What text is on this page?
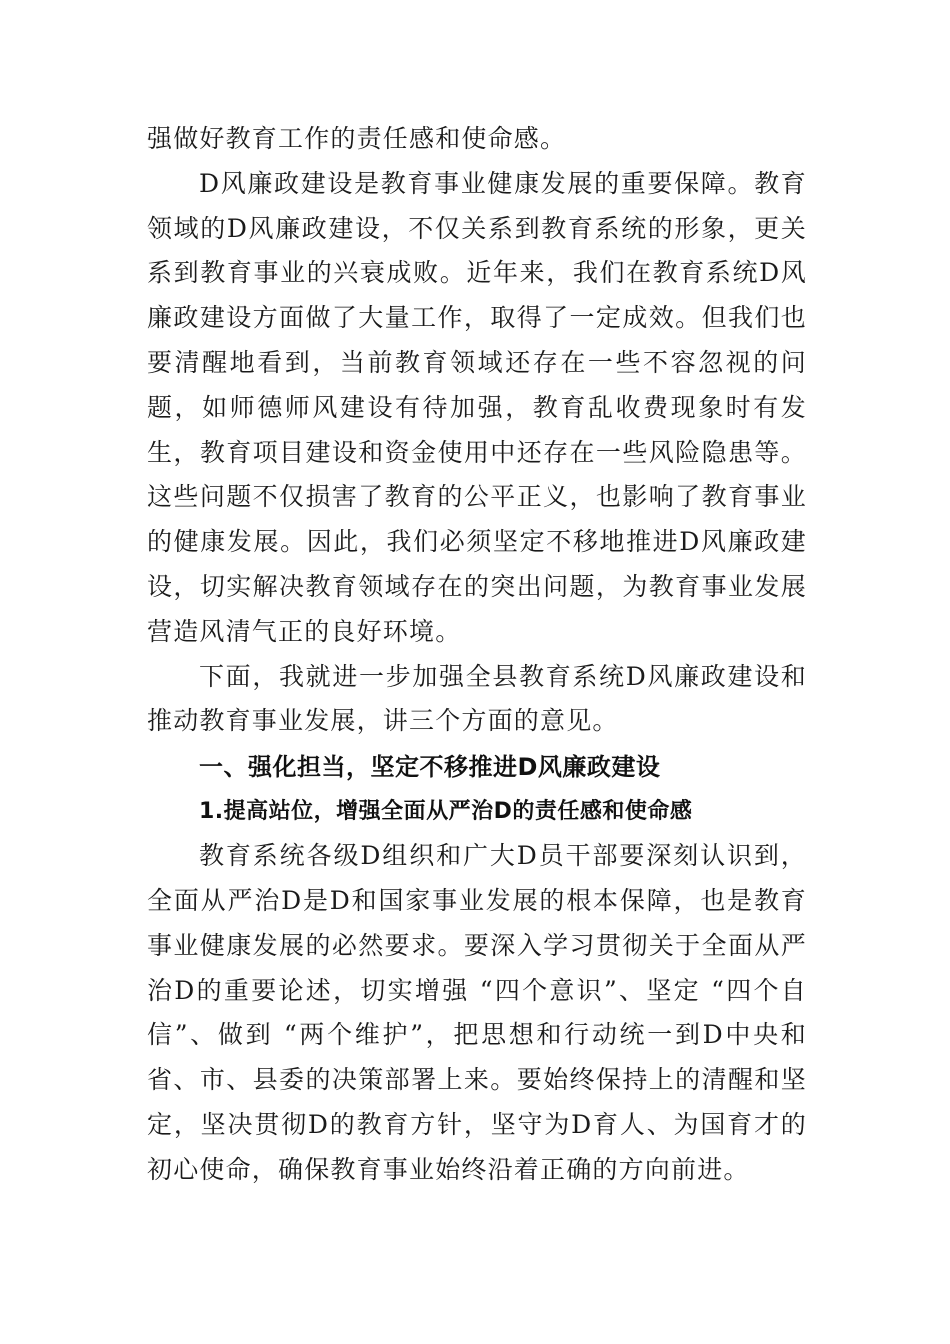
强做好教育工作的责任感和使命感。

D风廉政建设是教育事业健康发展的重要保障。教育领域的D风廉政建设，不仅关系到教育系统的形象，更关系到教育事业的兴衰成败。近年来，我们在教育系统D风廉政建设方面做了大量工作，取得了一定成效。但我们也要清醒地看到，当前教育领域还存在一些不容忽视的问题，如师德师风建设有待加强，教育乱收费现象时有发生，教育项目建设和资金使用中还存在一些风险隐患等。这些问题不仅损害了教育的公平正义，也影响了教育事业的健康发展。因此，我们必须坚定不移地推进D风廉政建设，切实解决教育领域存在的突出问题，为教育事业发展营造风清气正的良好环境。

下面，我就进一步加强全县教育系统D风廉政建设和推动教育事业发展，讲三个方面的意见。

一、强化担当，坚定不移推进D风廉政建设

1.提高站位，增强全面从严治D的责任感和使命感

教育系统各级D组织和广大D员干部要深刻认识到，全面从严治D是D和国家事业发展的根本保障，也是教育事业健康发展的必然要求。要深入学习贯彻关于全面从严治D的重要论述，切实增强 “四个意识”、坚定 “四个自信”、做到 “两个维护”，把思想和行动统一到D中央和省、市、县委的决策部署上来。要始终保持上的清醒和坚定，坚决贯彻D的教育方针，坚守为D育人、为国育才的初心使命，确保教育事业始终沿着正确的方向前进。
